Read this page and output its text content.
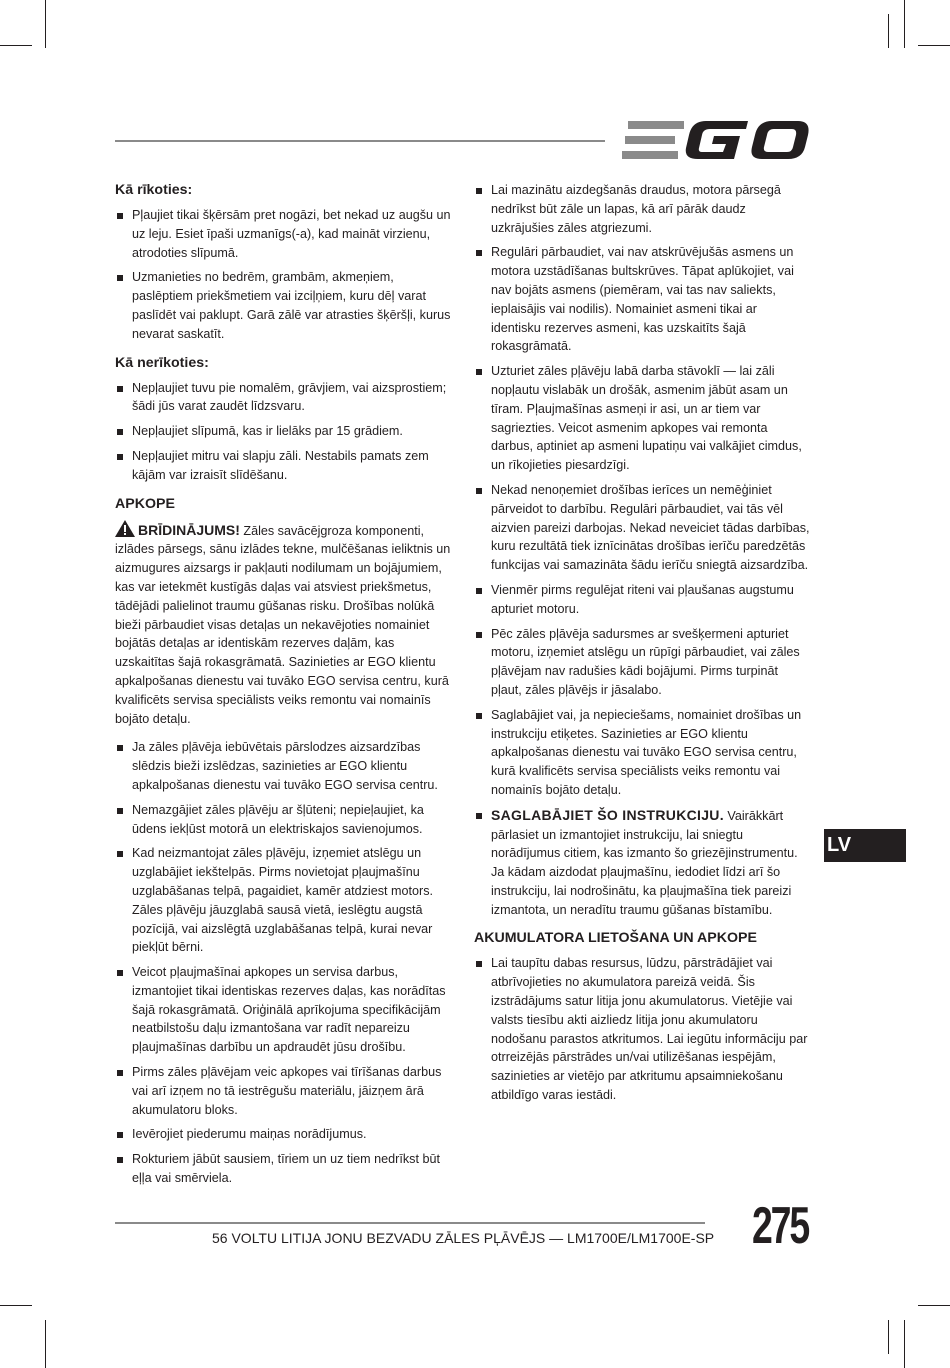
Kā rīkoties:
Pļaujiet tikai šķērsām pret nogāzi, bet nekad uz augšu un uz leju. Esiet īpaši uzmanīgs(-a), kad maināt virzienu, atrodoties slīpumā.
Uzmanieties no bedrēm, grambām, akmeņiem, paslēptiem priekšmetiem vai izciļņiem, kuru dēļ varat paslīdēt vai paklupt. Garā zālē var atrasties šķēršļi, kurus nevarat saskatīt.
Kā nerīkoties:
Nepļaujiet tuvu pie nomalēm, grāvjiem, vai aizsprostiem; šādi jūs varat zaudēt līdzsvaru.
Nepļaujiet slīpumā, kas ir lielāks par 15 grādiem.
Nepļaujiet mitru vai slapju zāli. Nestabils pamats zem kājām var izraisīt slīdēšanu.
APKOPE

BRĪDINĀJUMS! Zāles savācējgroza komponenti, izlādes pārsegs, sānu izlādes tekne, mulčēšanas ieliktnis un aizmugures aizsargs ir pakļauti nodilumam un bojājumiem, kas var ietekmēt kustīgās daļas vai atsviest priekšmetus, tādējādi palielinot traumu gūšanas risku. Drošības nolūkā bieži pārbaudiet visas detaļas un nekavējoties nomainiet bojātās detaļas ar identiskām rezerves daļām, kas uzskaitītas šajā rokasgrāmatā. Sazinieties ar EGO klientu apkalpošanas dienestu vai tuvāko EGO servisa centru, kurā kvalificēts servisa speciālists veiks remontu vai nomainīs bojāto detaļu.

Ja zāles pļāvēja iebūvētais pārslodzes aizsardzības slēdzis bieži izslēdzas, sazinieties ar EGO klientu apkalpošanas dienestu vai tuvāko EGO servisa centru.
Nemazgājiet zāles pļāvēju ar šļūteni; nepieļaujiet, ka ūdens iekļūst motorā un elektriskajos savienojumos.
Kad neizmantojat zāles pļāvēju, izņemiet atslēgu un uzglabājiet iekštelpās. Pirms novietojat pļaujmašīnu uzglabāšanas telpā, pagaidiet, kamēr atdziest motors. Zāles pļāvēju jāuzglabā sausā vietā, ieslēgtu augstā pozīcijā, vai aizslēgtā uzglabāšanas telpā, kurai nevar piekļūt bērni.
Veicot pļaujmašīnai apkopes un servisa darbus, izmantojiet tikai identiskas rezerves daļas, kas norādītas šajā rokasgrāmatā. Oriģinālā aprīkojuma specifikācijām neatbilstošu daļu izmantošana var radīt nepareizu pļaujmašīnas darbību un apdraudēt jūsu drošību.
Pirms zāles pļāvējam veic apkopes vai tīrīšanas darbus vai arī izņem no tā iestrēgušu materiālu, jāizņem ārā akumulatoru bloks.
Ievērojiet piederumu maiņas norādījumus.
Rokturiem jābūt sausiem, tīriem un uz tiem nedrīkst būt eļļa vai smērviela.
Lai mazinātu aizdegšanās draudus, motora pārsegā nedrīkst būt zāle un lapas, kā arī pārāk daudz uzkrājušies zāles atgriezumi.
Regulāri pārbaudiet, vai nav atskrūvējušās asmens un motora uzstādīšanas bultskrūves. Tāpat aplūkojiet, vai nav bojāts asmens (piemēram, vai tas nav saliekts, ieplaisājis vai nodilis). Nomainiet asmeni tikai ar identisku rezerves asmeni, kas uzskaitīts šajā rokasgrāmatā.
Uzturiet zāles pļāvēju labā darba stāvoklī — lai zāli nopļautu vislabāk un drošāk, asmenim jābūt asam un tīram. Pļaujmašīnas asmeņi ir asi, un ar tiem var sagriezties. Veicot asmenim apkopes vai remonta darbus, aptiniet ap asmeni lupatiņu vai valkājiet cimdus, un rīkojieties piesardzīgi.
Nekad nenoņemiet drošības ierīces un nemēģiniet pārveidot to darbību. Regulāri pārbaudiet, vai tās vēl aizvien pareizi darbojas. Nekad neveiciet tādas darbības, kuru rezultātā tiek iznīcinātas drošības ierīču paredzētās funkcijas vai samazināta šādu ierīču sniegtā aizsardzība.
Vienmēr pirms regulējat riteni vai pļaušanas augstumu apturiet motoru.
Pēc zāles pļāvēja sadursmes ar svešķermeni apturiet motoru, izņemiet atslēgu un rūpīgi pārbaudiet, vai zāles pļāvējam nav radušies kādi bojājumi. Pirms turpināt pļaut, zāles pļāvējs ir jāsalabo.
Saglabājiet vai, ja nepieciešams, nomainiet drošības un instrukciju etiķetes. Sazinieties ar EGO klientu apkalpošanas dienestu vai tuvāko EGO servisa centru, kurā kvalificēts servisa speciālists veiks remontu vai nomainīs bojāto detaļu.
SAGLABĀJIET ŠO INSTRUKCIJU. Vairākkārt pārlasiet un izmantojiet instrukciju, lai sniegtu norādījumus citiem, kas izmanto šo griezējinstrumentu. Ja kādam aizdodat pļaujmašīnu, iedodiet līdzi arī šo instrukciju, lai nodrošinātu, ka pļaujmašīna tiek pareizi izmantota, un neradītu traumu gūšanas bīstamību.
AKUMULATORA LIETOŠANA UN APKOPE
Lai taupītu dabas resursus, lūdzu, pārstrādājiet vai atbrīvojieties no akumulatora pareizā veidā. Šis izstrādājums satur litija jonu akumulatorus. Vietējie vai valsts tiesību akti aizliedz litija jonu akumulatoru nodošanu parastos atkritumos. Lai iegūtu informāciju par otrreizējās pārstrādes un/vai utilizēšanas iespējām, sazinieties ar vietējo par atkritumu apsaimniekošanu atbildīgo varas iestādi.
LV
56 VOLTU LITIJA JONU BEZVADU ZĀLES PĻĀVĒJS — LM1700E/LM1700E-SP 275
